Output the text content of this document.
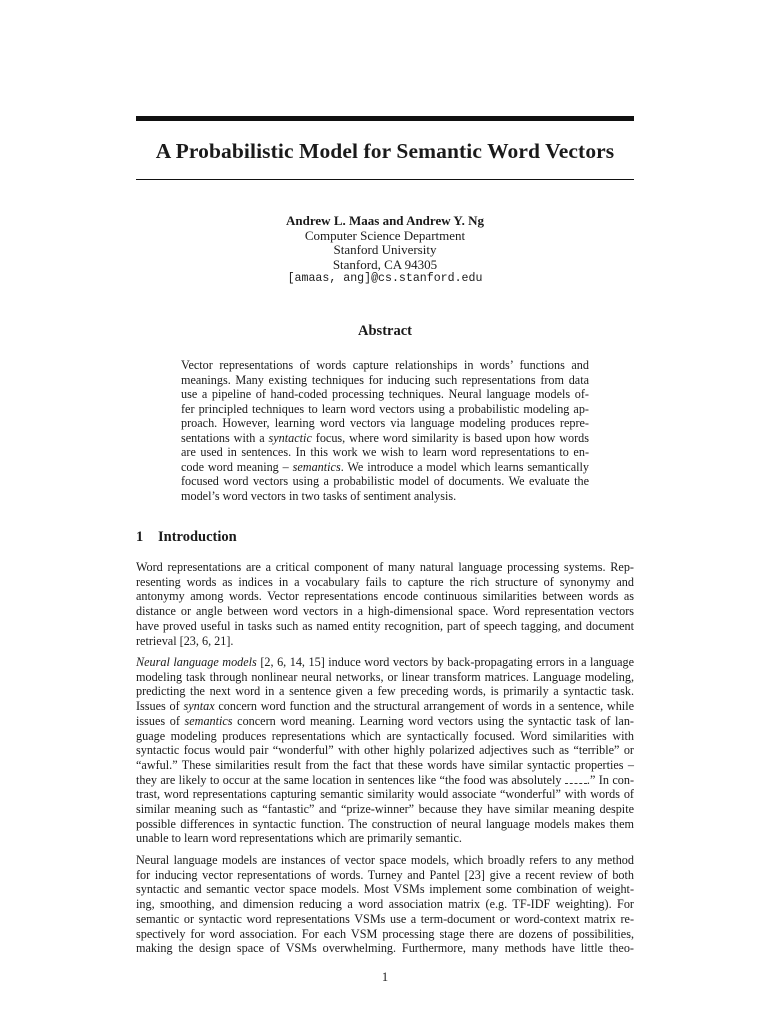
A Probabilistic Model for Semantic Word Vectors
Andrew L. Maas and Andrew Y. Ng
Computer Science Department
Stanford University
Stanford, CA 94305
[amaas, ang]@cs.stanford.edu
Abstract
Vector representations of words capture relationships in words’ functions and
meanings. Many existing techniques for inducing such representations from data
use a pipeline of hand-coded processing techniques. Neural language models of-
fer principled techniques to learn word vectors using a probabilistic modeling ap-
proach. However, learning word vectors via language modeling produces repre-
sentations with a syntactic focus, where word similarity is based upon how words
are used in sentences. In this work we wish to learn word representations to en-
code word meaning – semantics. We introduce a model which learns semantically
focused word vectors using a probabilistic model of documents. We evaluate the
model’s word vectors in two tasks of sentiment analysis.
1 Introduction
Word representations are a critical component of many natural language processing systems. Rep-
resenting words as indices in a vocabulary fails to capture the rich structure of synonymy and
antonymy among words. Vector representations encode continuous similarities between words as
distance or angle between word vectors in a high-dimensional space. Word representation vectors
have proved useful in tasks such as named entity recognition, part of speech tagging, and document
retrieval [23, 6, 21].
Neural language models [2, 6, 14, 15] induce word vectors by back-propagating errors in a language
modeling task through nonlinear neural networks, or linear transform matrices. Language modeling,
predicting the next word in a sentence given a few preceding words, is primarily a syntactic task.
Issues of syntax concern word function and the structural arrangement of words in a sentence, while
issues of semantics concern word meaning. Learning word vectors using the syntactic task of lan-
guage modeling produces representations which are syntactically focused. Word similarities with
syntactic focus would pair “wonderful” with other highly polarized adjectives such as “terrible” or
“awful.” These similarities result from the fact that these words have similar syntactic properties –
they are likely to occur at the same location in sentences like “the food was absolutely .” In con-
trast, word representations capturing semantic similarity would associate “wonderful” with words of
similar meaning such as “fantastic” and “prize-winner” because they have similar meaning despite
possible differences in syntactic function. The construction of neural language models makes them
unable to learn word representations which are primarily semantic.
Neural language models are instances of vector space models, which broadly refers to any method
for inducing vector representations of words. Turney and Pantel [23] give a recent review of both
syntactic and semantic vector space models. Most VSMs implement some combination of weight-
ing, smoothing, and dimension reducing a word association matrix (e.g. TF-IDF weighting). For
semantic or syntactic word representations VSMs use a term-document or word-context matrix re-
spectively for word association. For each VSM processing stage there are dozens of possibilities,
making the design space of VSMs overwhelming. Furthermore, many methods have little theo-
1
